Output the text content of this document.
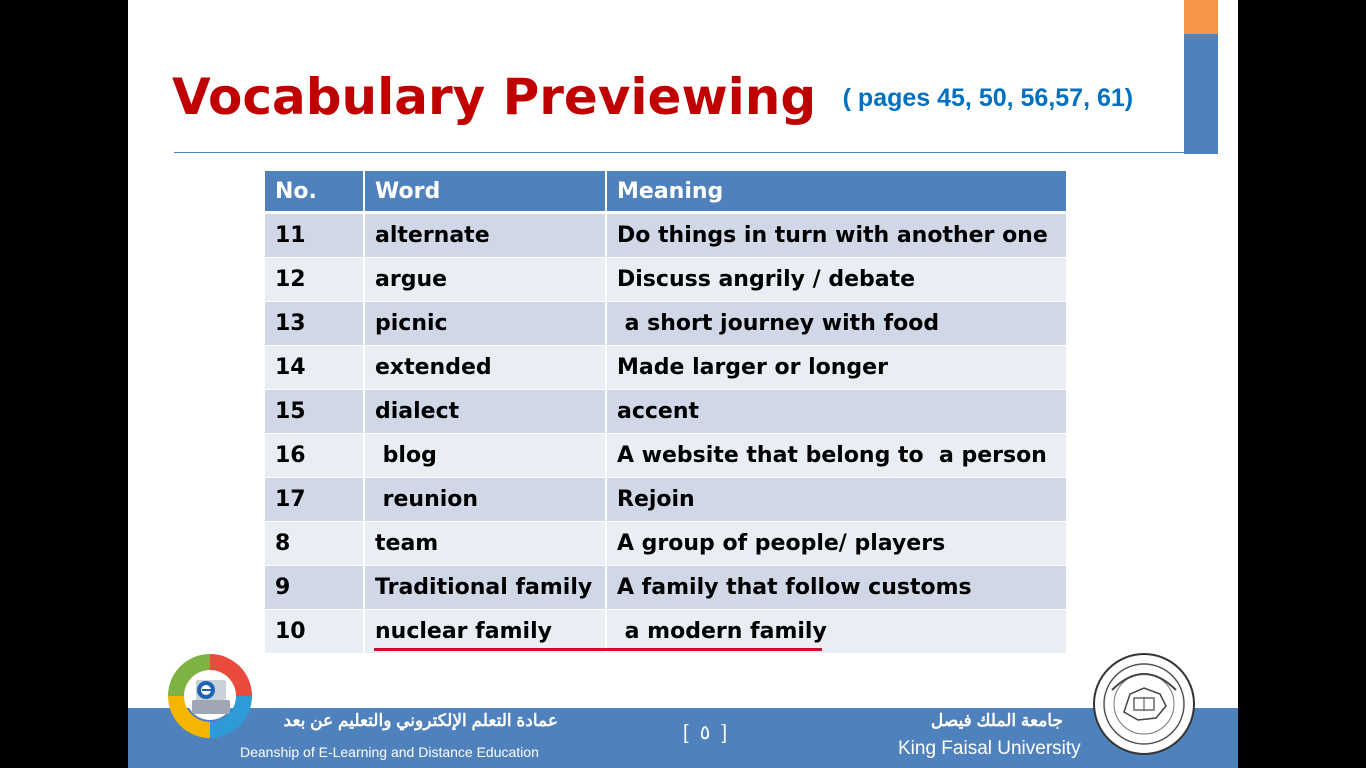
Vocabulary Previewing ( pages 45, 50, 56,57, 61)
No.	Word	Meaning
11	alternate	Do things in turn with another one
12	argue	Discuss angrily / debate
13	picnic	a short journey with food
14	extended	Made larger or longer
15	dialect	accent
16	blog	A website that belong to  a person
17	reunion	Rejoin
8	team	A group of people/ players
9	Traditional family	A family that follow customs
10	nuclear family	a modern family
عمادة التعلم الإلكتروني والتعليم عن بعد
Deanship of E-Learning and Distance Education
[  ٥  ]
جامعة الملك فيصل
King Faisal University
